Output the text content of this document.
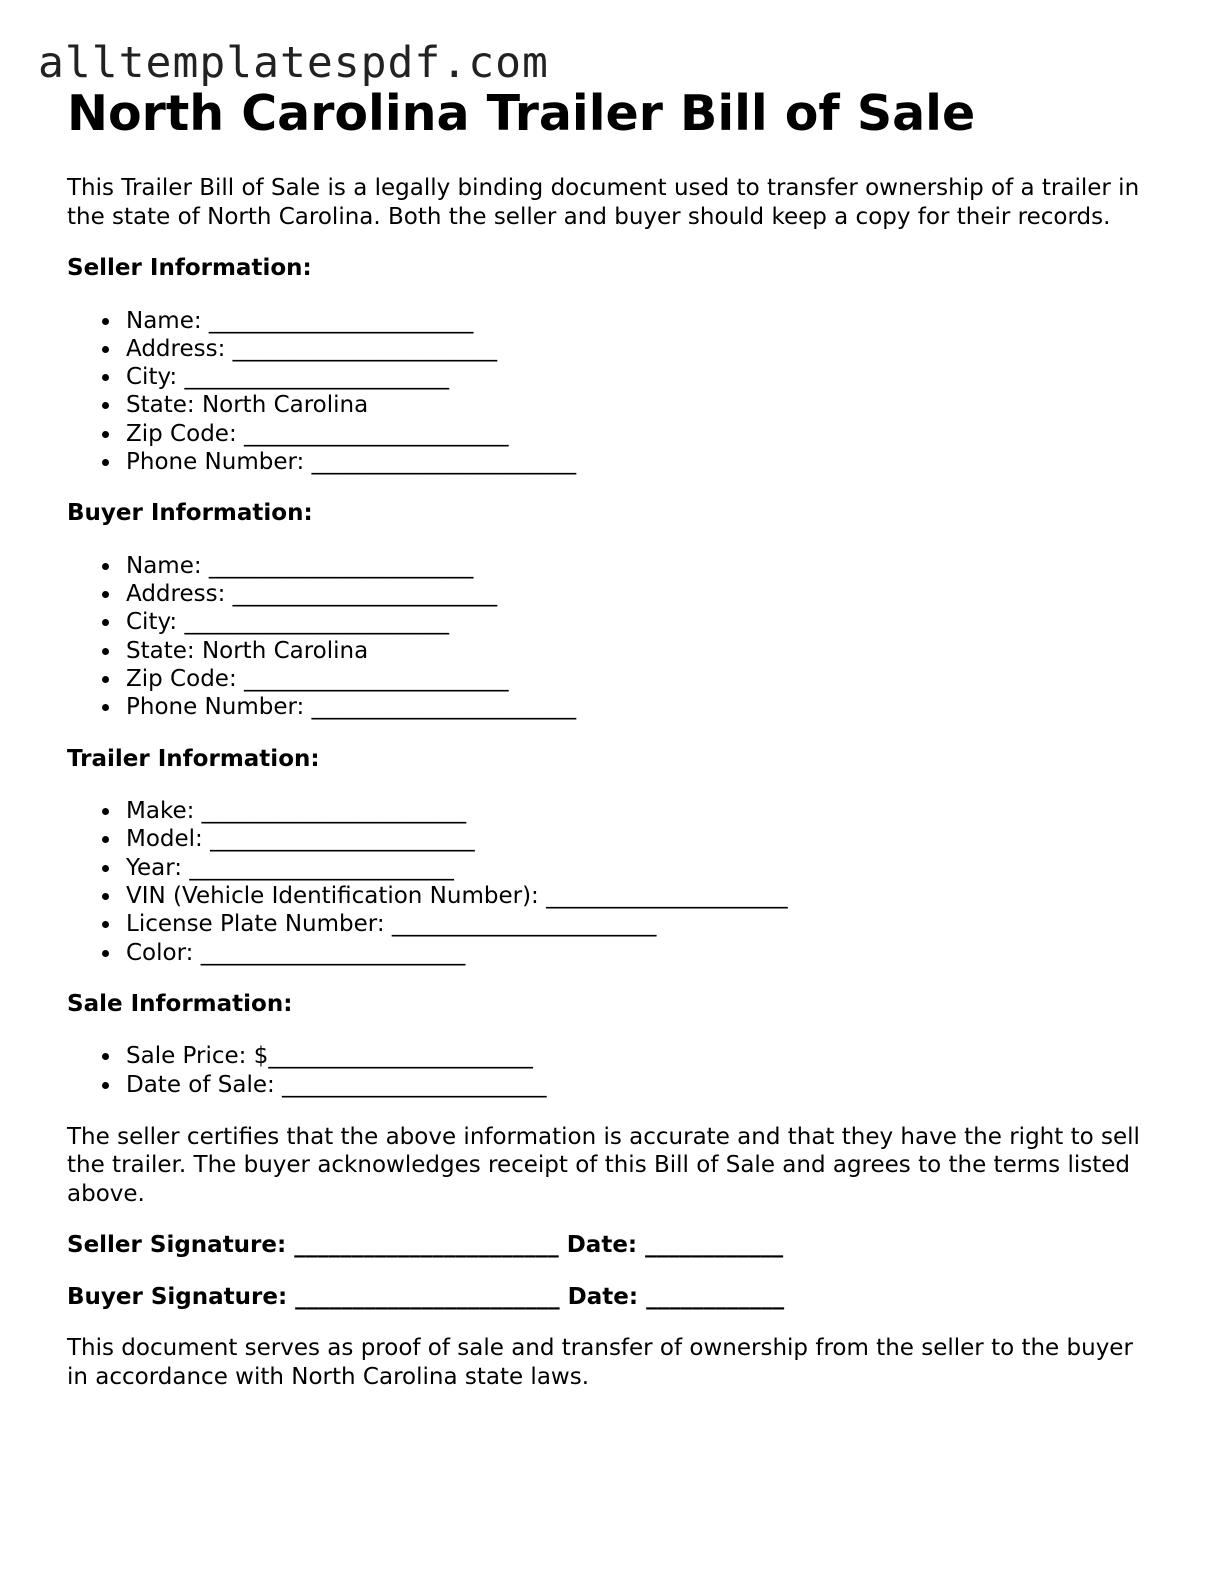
alltemplatespdf.com
North Carolina Trailer Bill of Sale

This Trailer Bill of Sale is a legally binding document used to transfer ownership of a trailer in the state of North Carolina. Both the seller and buyer should keep a copy for their records.

Seller Information:
Name: _______________________
Address: _______________________
City: _______________________
State: North Carolina
Zip Code: _______________________
Phone Number: _______________________
Buyer Information:
Name: _______________________
Address: _______________________
City: _______________________
State: North Carolina
Zip Code: _______________________
Phone Number: _______________________
Trailer Information:
Make: _______________________
Model: _______________________
Year: _______________________
VIN (Vehicle Identification Number): _____________________
License Plate Number: _______________________
Color: _______________________
Sale Information:
Sale Price: $_______________________
Date of Sale: _______________________

The seller certifies that the above information is accurate and that they have the right to sell the trailer. The buyer acknowledges receipt of this Bill of Sale and agrees to the terms listed above.

Seller Signature: _______________________ Date: ____________
Buyer Signature: _______________________ Date: ____________

This document serves as proof of sale and transfer of ownership from the seller to the buyer in accordance with North Carolina state laws.
